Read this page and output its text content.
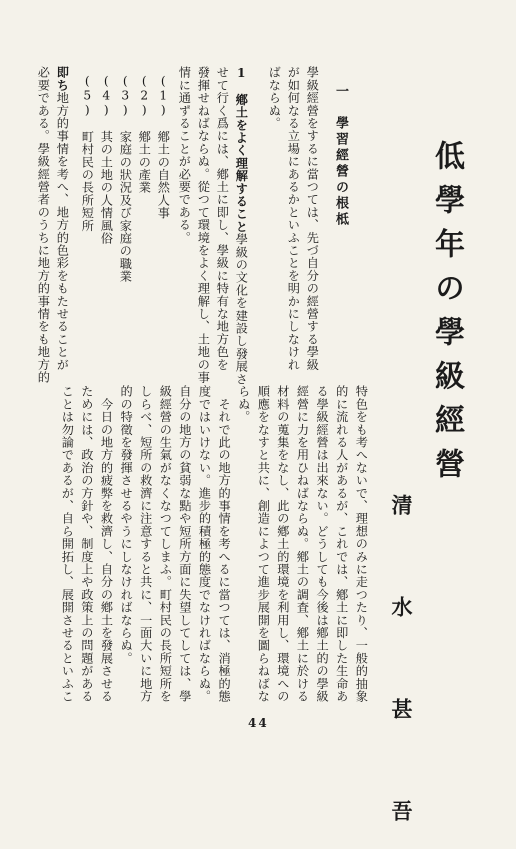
低學年の學級經營
清 水 甚 吾
一　學習經營の根柢
學級經營をするに當つては、先づ自分の經營する學級
が如何なる立場にあるかといふことを明かにしなけれ
ばならぬ。
1　鄕土をよく理解すること學級の文化を建設し發展さ
せて行く爲には、鄕土に即し、學級に特有な地方色を
發揮せねばならぬ。從つて環境をよく理解し、土地の事
情に通ずることが必要である。
(1)　鄕土の自然人事
(2)　鄕土の產業
(3)　家庭の狀況及び家庭の職業
(4)　其の土地の人情風俗
(5)　町村民の長所短所
即ち地方的事情を考へ、地方的色彩をもたせることが
必要である。學級經營者のうちに地方的事情をも地方的
特色をも考へないで、理想のみに走つたり、一般的抽象
的に流れる人があるが、これでは、鄕土に即した生命あ
る學級經營は出來ない。どうしても今後は鄕土的の學級
經營に力を用ひねばならぬ。鄕土の調査、鄕土に於ける
材料の蒐集をなし、此の鄕土的環境を利用し、環境への
順應をなすと共に、創造によつて進步展開を圖らねばな
らぬ。
　それで此の地方的事情を考へるに當つては、消極的態
度ではいけない。進步的積極的態度でなければならぬ。
自分の地方の貧弱な點や短所方面に失望してしては、學
級經營の生氣がなくなつてしまふ。町村民の長所短所を
しらべ、短所の救濟に注意すると共に、一面大いに地方
的の特徵を發揮させるやうにしなければならぬ。
　今日の地方的疲弊を救濟し、自分の鄕土を發展させる
ためには、政治の方針や、制度上や政策上の問題がある
ことは勿論であるが、自ら開拓し、展開させるといふこ
44
